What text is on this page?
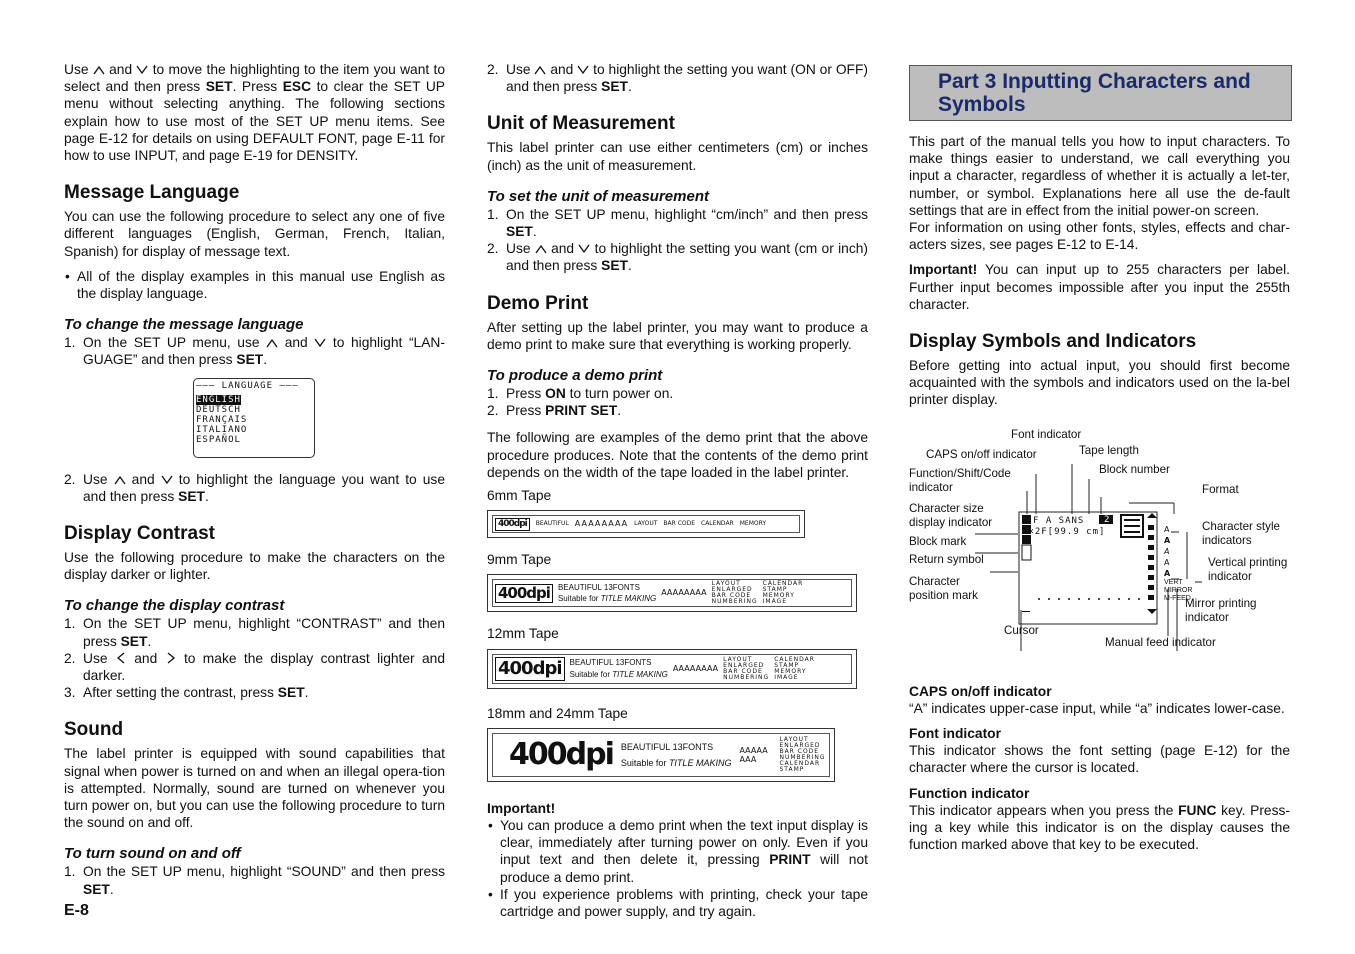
Use and to move the highlighting to the item you want to select and then press SET. Press ESC to clear the SET UP menu without selecting anything. The following sections explain how to use most of the SET UP menu items. See page E-12 for details on using DEFAULT FONT, page E-11 for how to use INPUT, and page E-19 for DENSITY.

Message Language

You can use the following procedure to select any one of five different languages (English, German, French, Italian, Spanish) for display of message text.

• All of the display examples in this manual use English as the display language.
To change the message language
1. On the SET UP menu, use and to highlight “LAN-GUAGE” and then press SET.
––– LANGUAGE –––
ENGLISH
DEUTSCH
FRANÇAIS
ITALIANO
ESPAÑOL
2. Use and to highlight the language you want to use and then press SET.
Display Contrast

Use the following procedure to make the characters on the display darker or lighter.

To change the display contrast
1. On the SET UP menu, highlight “CONTRAST” and then press SET.
2. Use and to make the display contrast lighter and darker.
3. After setting the contrast, press SET.
Sound

The label printer is equipped with sound capabilities that signal when power is turned on and when an illegal opera-tion is attempted. Normally, sound are turned on whenever you turn power on, but you can use the following procedure to turn the sound on and off.

To turn sound on and off
1. On the SET UP menu, highlight “SOUND” and then press SET.
E-8
2. Use and to highlight the setting you want (ON or OFF) and then press SET.
Unit of Measurement

This label printer can use either centimeters (cm) or inches (inch) as the unit of measurement.

To set the unit of measurement
1. On the SET UP menu, highlight “cm/inch” and then press SET.
2. Use and to highlight the setting you want (cm or inch) and then press SET.
Demo Print

After setting up the label printer, you may want to produce a demo print to make sure that everything is working properly.

To produce a demo print
1. Press ON to turn power on.
2. Press PRINT SET.

The following are examples of the demo print that the above procedure produces. Note that the contents of the demo print depends on the width of the tape loaded in the label printer.

6mm Tape
400dpi	BEAUTIFUL AAAAAAAA LAYOUT BAR CODE CALENDAR MEMORY
9mm Tape
400dpi	BEAUTIFUL 13FONTS
Suitable for TITLE MAKING
AAAAAAAA
LAYOUT
ENLARGED
BAR CODE
NUMBERING
CALENDAR
STAMP
MEMORY
IMAGE
12mm Tape
400dpi	BEAUTIFUL 13FONTS
Suitable for TITLE MAKING
AAAAAAAA
LAYOUT
ENLARGED
BAR CODE
NUMBERING
CALENDAR
STAMP
MEMORY
IMAGE
18mm and 24mm Tape
400dpi BEAUTIFUL 13FONTS
Suitable for TITLE MAKING
AAAAAAAA
LAYOUT
ENLARGED
BAR CODE
NUMBERING
CALENDAR
STAMP
Important!
• You can produce a demo print when the text input display is clear, immediately after turning power on only. Even if you input text and then delete it, pressing PRINT will not produce a demo print.
• If you experience problems with printing, check your tape cartridge and power supply, and try again.
Part 3 Inputting Characters and Symbols

This part of the manual tells you how to input characters. To make things easier to understand, we call everything you input a character, regardless of whether it is actually a let-ter, number, or symbol. Explanations here all use the de-fault settings that are in effect from the initial power-on screen.

For information on using other fonts, styles, effects and char-acters sizes, see pages E-12 to E-14.

Important! You can input up to 255 characters per label. Further input becomes impossible after you input the 255th character.

Display Symbols and Indicators

Before getting into actual input, you should first become acquainted with the symbols and indicators used on the la-bel printer display.

A
A
A
A
A
F A SANS 2
2×2F[99.9 cm]
VERT
MIRROR
M-FEED
Font indicator
CAPS on/off indicator	Tape length
Function/Shift/Code indicator
Block number
Format
Character size display indicator	Character style indicators
Block mark
Return symbol	Vertical printing indicator
Character position mark
Mirror printing indicator
Cursor
Manual feed indicator
CAPS on/off indicator

“A” indicates upper-case input, while “a” indicates lower-case.

Font indicator

This indicator shows the font setting (page E-12) for the character where the cursor is located.

Function indicator

This indicator appears when you press the FUNC key. Press-ing a key while this indicator is on the display causes the function marked above that key to be executed.
